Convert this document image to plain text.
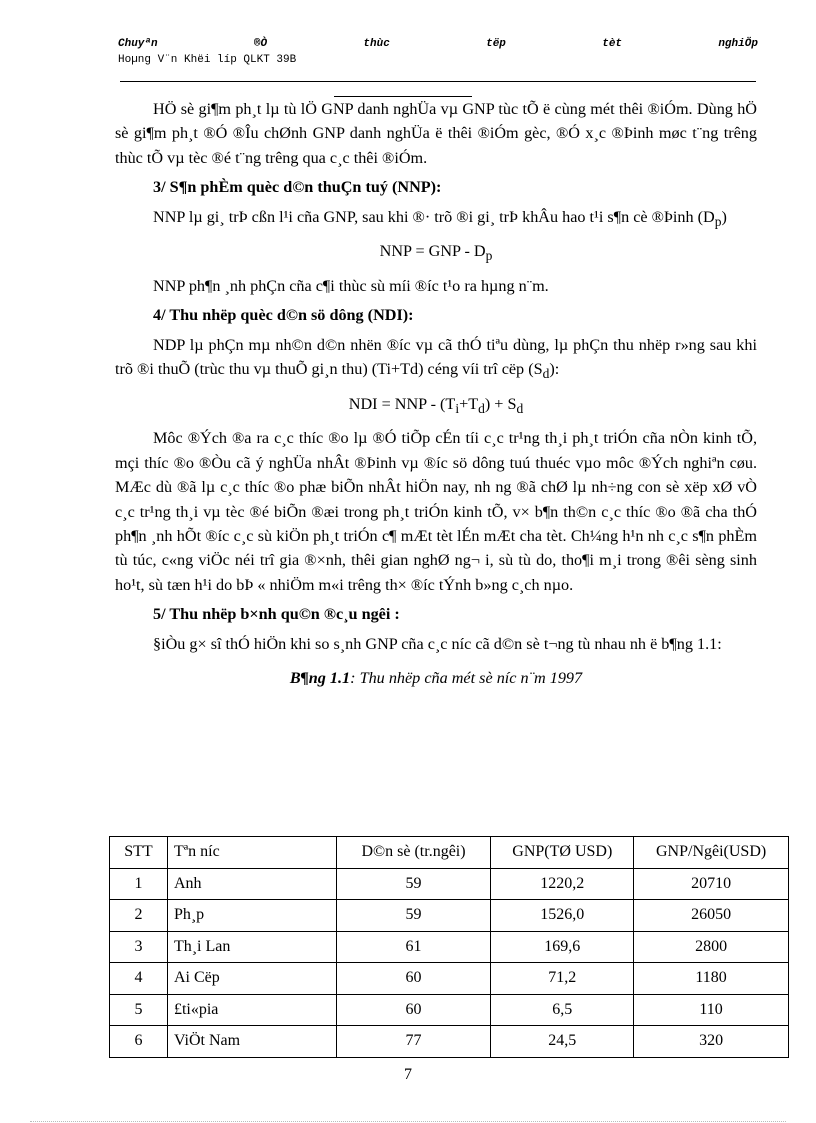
Chuyªn	®Ò	thùc	tëp	tèt	nghiÖp
Hoµng V¨n Khëi líp QLKT 39B

HÖ sè gi¶m ph¸t lµ tù lÖ GNP danh nghÜa vµ GNP tùc tÕ ë cùng mét thêi ®iÓm. Dùng hÖ sè gi¶m ph¸t ®Ó ®Îu chØnh GNP danh nghÜa ë thêi ®iÓm gèc, ®Ó x¸c ®Þinh møc t¨ng trêng thùc tÕ vµ tèc ®é t¨ng trêng qua c¸c thêi ®iÓm.

3/ S¶n phÈm quèc d©n thuÇn tuý (NNP):

NNP lµ gi¸ trÞ cßn l¹i cña GNP, sau khi ®· trõ ®i gi¸ trÞ khÂu hao t¹i s¶n cè ®Þinh $(D_p)$

NNP = GNP - $D_p$

NNP ph¶n ¸nh phÇn cña c¶i thùc sù míi ®íc t¹o ra hµng n¨m.

4/ Thu nhëp quèc d©n sö dông (NDI):

NDP lµ phÇn mµ nh©n d©n nhën ®íc vµ cã thÓ tiªu dùng, lµ phÇn thu nhëp r»ng sau khi trõ ®i thuÕ (trùc thu vµ thuÕ gi¸n thu) (Ti+Td) céng víi trî cëp $(S_d)$:

NDI = NNP - $(T_i+T_d) + S_d$

Môc ®Ých ®a ra c¸c thíc ®o lµ ®Ó tiÕp cÉn tíi c¸c tr¹ng th¸i ph¸t triÓn cña nÒn kinh tÕ, mçi thíc ®o ®Òu cã ý nghÜa nhÂt ®Þinh vµ ®íc sö dông tuú thuéc vµo môc ®Ých nghiªn cøu. MÆc dù ®ã lµ c¸c thíc ®o phæ biÕn nhÂt hiÖn nay, nh ng ®ã chØ lµ nh÷ng con sè xëp xØ vÒ c¸c tr¹ng th¸i vµ tèc ®é biÕn ®æi trong ph¸t triÓn kinh tÕ, v× b¶n th©n c¸c thíc ®o ®ã cha thÓ ph¶n ¸nh hÕt ®íc c¸c sù kiÖn ph¸t triÓn c¶ mÆt tèt lÉn mÆt cha tèt. Ch¼ng h¹n nh c¸c s¶n phÈm tù túc, c«ng viÖc néi trî gia ®×nh, thêi gian nghØ ng¬ i, sù tù do, tho¶i m¸i trong ®êi sèng sinh ho¹t, sù tæn h¹i do bÞ « nhiÖm m«i trêng th× ®íc tÝnh b»ng c¸ch nµo.

5/ Thu nhëp b×nh qu©n ®c¸u ngêi :

§iÒu g× sî thÓ hiÖn khi so s¸nh GNP cña c¸c níc cã d©n sè t¬ng tù nhau nh ë b¶ng 1.1:

B¶ng 1.1: Thu nhëp cña mét sè níc n¨m 1997

STT	Tªn níc	D©n sè (tr.ngêi)	GNP(TØ USD)	GNP/Ngêi(USD)
1	Anh	59	1220,2	20710
2	Ph¸p	59	1526,0	26050
3	Th¸i Lan	61	169,6	2800
4	Ai Cëp	60	71,2	1180
5	£ti«pia	60	6,5	110
6	ViÖt Nam	77	24,5	320
7
